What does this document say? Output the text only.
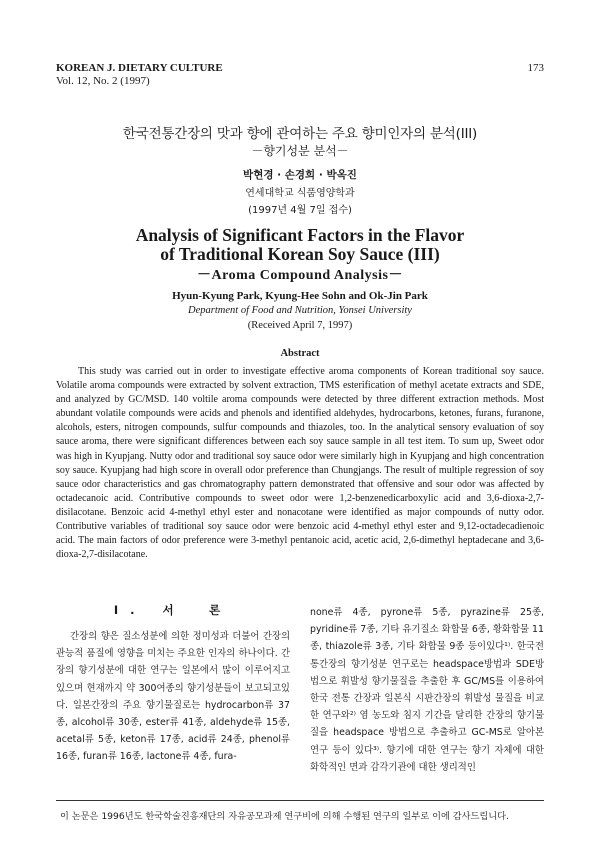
KOREAN J. DIETARY CULTURE
Vol. 12, No. 2 (1997)
173
한국전통간장의 맛과 향에 관여하는 주요 향미인자의 분석(III)
－향기성분 분석－
박현경 · 손경희 · 박옥진
연세대학교 식품영양학과
(1997년 4월 7일 접수)
Analysis of Significant Factors in the Flavor
of Traditional Korean Soy Sauce (III)
－Aroma Compound Analysis－
Hyun-Kyung Park, Kyung-Hee Sohn and Ok-Jin Park
Department of Food and Nutrition, Yonsei University
(Received April 7, 1997)
Abstract

This study was carried out in order to investigate effective aroma components of Korean traditional soy sauce. Volatile aroma compounds were extracted by solvent extraction, TMS esterification of methyl acetate extracts and SDE, and analyzed by GC/MSD. 140 voltile aroma compounds were detected by three different extraction methods. Most abundant volatile compounds were acids and phenols and identified aldehydes, hydrocarbons, ketones, furans, furanone, alcohols, esters, nitrogen compounds, sulfur compounds and thiazoles, too. In the analytical sensory evaluation of soy sauce aroma, there were significant differences between each soy sauce sample in all test item. To sum up, Sweet odor was high in Kyupjang. Nutty odor and traditional soy sauce odor were similarly high in Kyupjang and high concentration soy sauce. Kyupjang had high score in overall odor preference than Chungjangs. The result of multiple regression of soy sauce odor characteristics and gas chromatography pattern demonstrated that offensive and sour odor was affected by octadecanoic acid. Contributive compounds to sweet odor were 1,2-benzenedicarboxylic acid and 3,6-dioxa-2,7-disilacotane. Benzoic acid 4-methyl ethyl ester and nonacotane were identified as major compounds of nutty odor. Contributive variables of traditional soy sauce odor were benzoic acid 4-methyl ethyl ester and 9,12-octadecadienoic acid. The main factors of odor preference were 3-methyl pentanoic acid, acetic acid, 2,6-dimethyl heptadecane and 3,6-dioxa-2,7-disilacotane.

I. 서　론

간장의 향은 질소성분에 의한 정미성과 더불어 간장의 관능적 품질에 영향을 미치는 주요한 인자의 하나이다. 간장의 향기성분에 대한 연구는 일본에서 많이 이루어지고 있으며 현재까지 약 300여종의 향기성분들이 보고되고있다. 일본간장의 주요 향기물질로는 hydrocarbon류 37종, alcohol류 30종, ester류 41종, aldehyde류 15종, acetal류 5종, keton류 17종, acid류 24종, phenol류 16종, furan류 16종, lactone류 4종, fura-

none류 4종, pyrone류 5종, pyrazine류 25종, pyridine류 7종, 기타 유기질소 화합물 6종, 황화합물 11종, thiazole류 3종, 기타 화합물 9종 등이있다¹⁾. 한국전통간장의 향기성분 연구로는 headspace방법과 SDE방법으로 휘발성 향기물질을 추출한 후 GC/MS를 이용하여 한국 전통 간장과 일본식 시판간장의 휘발성 물질을 비교한 연구와²⁾ 염 농도와 침지 기간을 달리한 간장의 향기물질을 headspace 방법으로 추출하고 GC-MS로 알아본 연구 등이 있다³⁾. 향기에 대한 연구는 향기 자체에 대한 화학적인 면과 감각기관에 대한 생리적인

이 논문은 1996년도 한국학술진흥재단의 자유공모과제 연구비에 의해 수행된 연구의 일부로 이에 감사드립니다.
